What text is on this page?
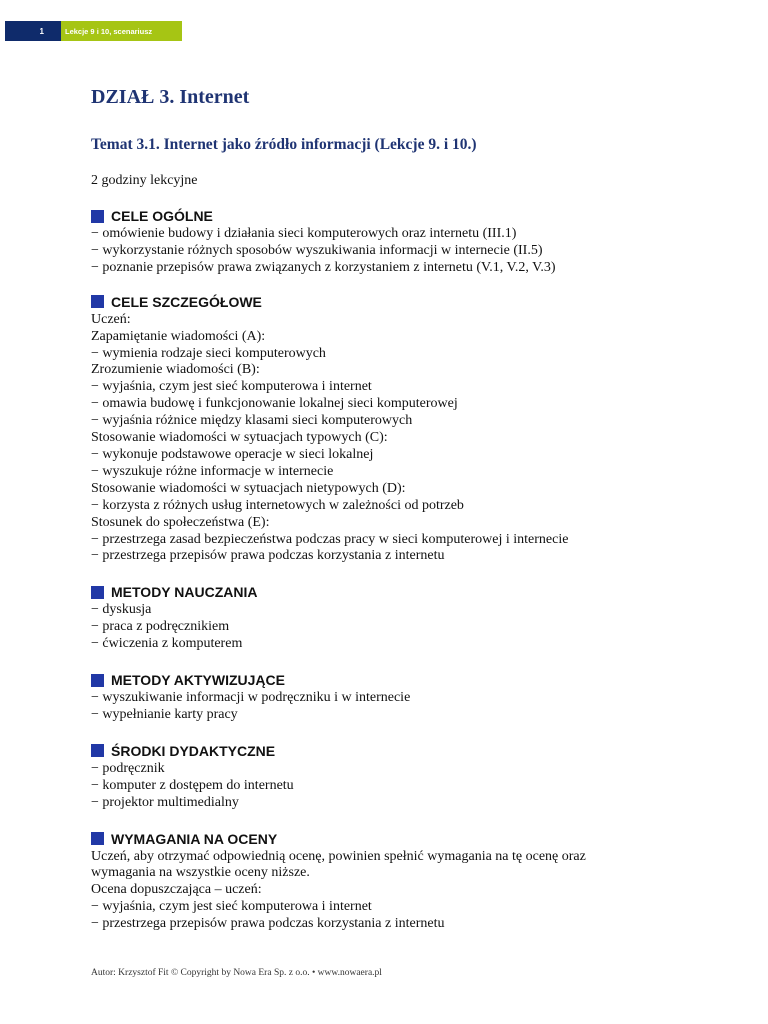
1	Lekcje 9 i 10, scenariusz
DZIAŁ 3. Internet
Temat 3.1. Internet jako źródło informacji (Lekcje 9. i 10.)
2 godziny lekcyjne
CELE OGÓLNE
− omówienie budowy i działania sieci komputerowych oraz internetu (III.1)
− wykorzystanie różnych sposobów wyszukiwania informacji w internecie (II.5)
− poznanie przepisów prawa związanych z korzystaniem z internetu (V.1, V.2, V.3)
CELE SZCZEGÓŁOWE
Uczeń:
Zapamiętanie wiadomości (A):
− wymienia rodzaje sieci komputerowych
Zrozumienie wiadomości (B):
− wyjaśnia, czym jest sieć komputerowa i internet
− omawia budowę i funkcjonowanie lokalnej sieci komputerowej
− wyjaśnia różnice między klasami sieci komputerowych
Stosowanie wiadomości w sytuacjach typowych (C):
− wykonuje podstawowe operacje w sieci lokalnej
− wyszukuje różne informacje w internecie
Stosowanie wiadomości w sytuacjach nietypowych (D):
− korzysta z różnych usług internetowych w zależności od potrzeb
Stosunek do społeczeństwa (E):
− przestrzega zasad bezpieczeństwa podczas pracy w sieci komputerowej i internecie
− przestrzega przepisów prawa podczas korzystania z internetu
METODY NAUCZANIA
− dyskusja
− praca z podręcznikiem
− ćwiczenia z komputerem
METODY AKTYWIZUJĄCE
− wyszukiwanie informacji w podręczniku i w internecie
− wypełnianie karty pracy
ŚRODKI DYDAKTYCZNE
− podręcznik
− komputer z dostępem do internetu
− projektor multimedialny
WYMAGANIA NA OCENY
Uczeń, aby otrzymać odpowiednią ocenę, powinien spełnić wymagania na tę ocenę oraz wymagania na wszystkie oceny niższe.
Ocena dopuszczająca – uczeń:
− wyjaśnia, czym jest sieć komputerowa i internet
− przestrzega przepisów prawa podczas korzystania z internetu
Autor: Krzysztof Fit © Copyright by Nowa Era Sp. z o.o. • www.nowaera.pl
